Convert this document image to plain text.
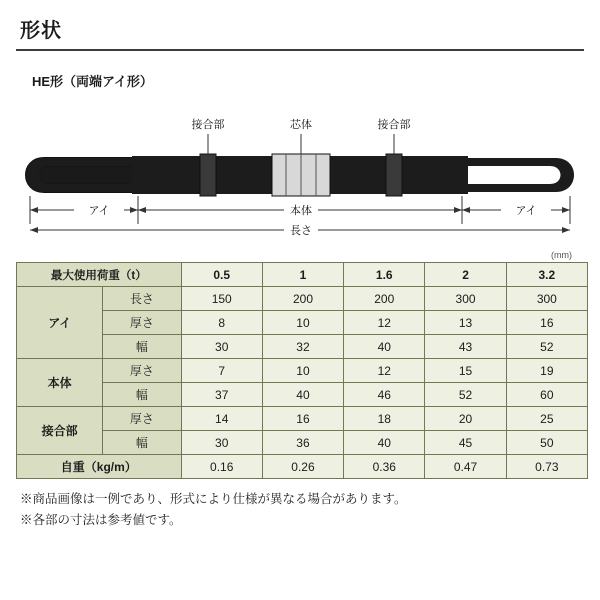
形状
HE形（両端アイ形）
接合部	芯体	接合部
アイ	本体	アイ
長さ
(mm)
最大使用荷重（t）		0.5	1	1.6	2	3.2
アイ	長さ	150	200	200	300	300
	厚さ	8	10	12	13	16
	幅	30	32	40	43	52
本体	厚さ	7	10	12	15	19
	幅	37	40	46	52	60
接合部	厚さ	14	16	18	20	25
	幅	30	36	40	45	50
自重（kg/m）		0.16	0.26	0.36	0.47	0.73
※商品画像は一例であり、形式により仕様が異なる場合があります。
※各部の寸法は参考値です。
